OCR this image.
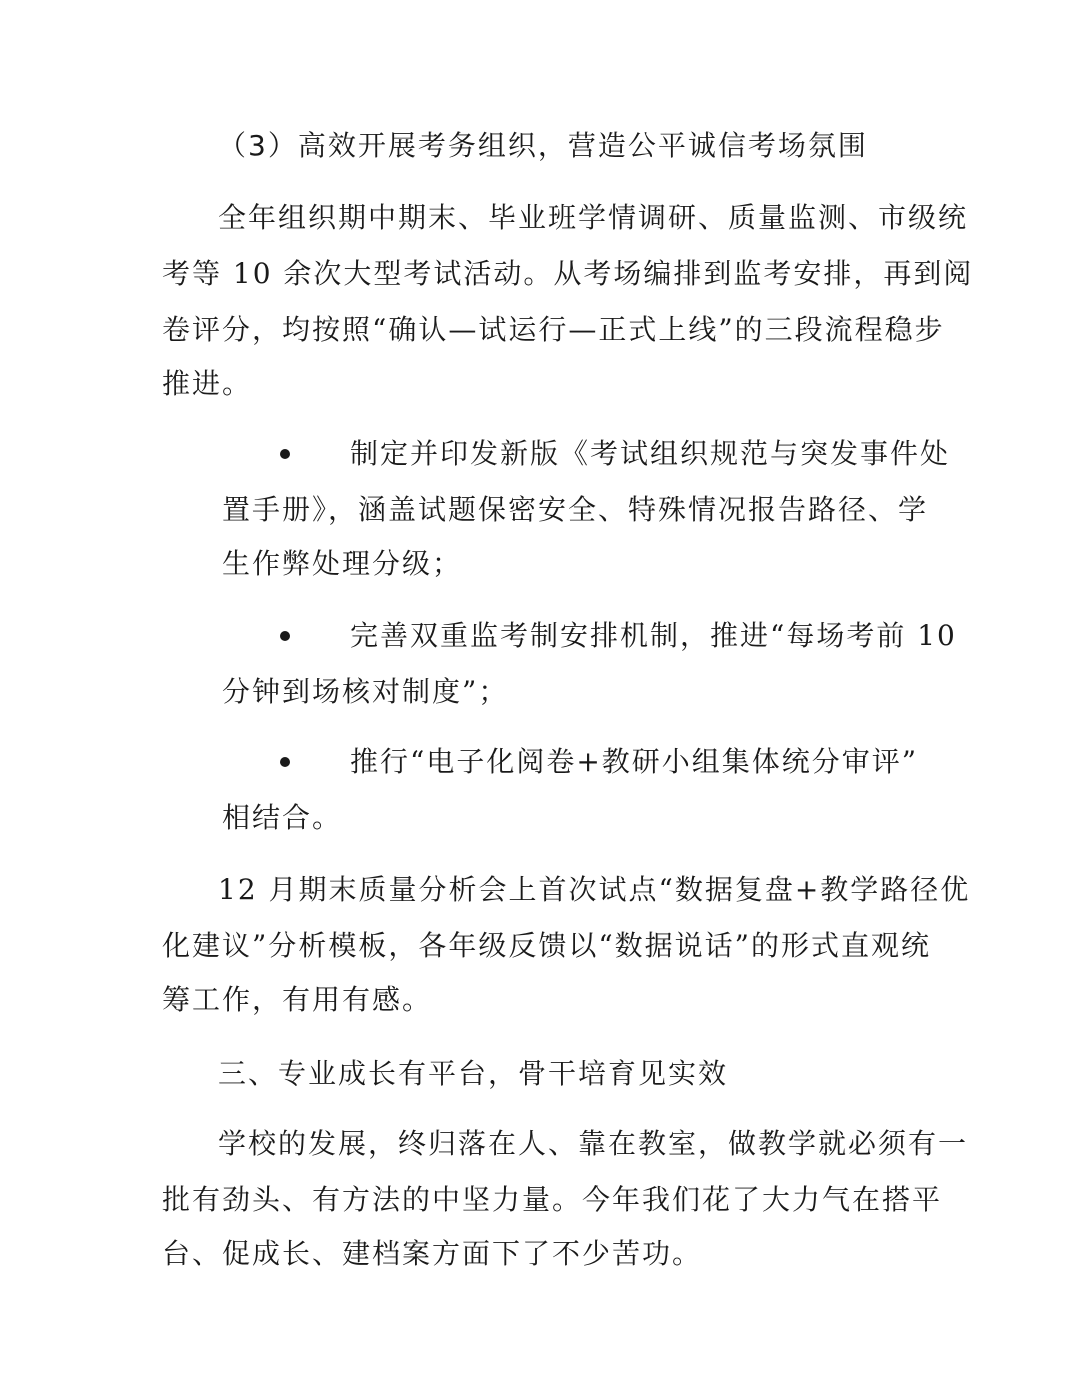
（3）高效开展考务组织，营造公平诚信考场氛围
全年组织期中期末、毕业班学情调研、质量监测、市级统
考等 10 余次大型考试活动。从考场编排到监考安排，再到阅
卷评分，均按照“确认—试运行—正式上线”的三段流程稳步
推进。
制定并印发新版《考试组织规范与突发事件处
置手册》，涵盖试题保密安全、特殊情况报告路径、学
生作弊处理分级；
完善双重监考制安排机制，推进“每场考前 10
分钟到场核对制度”；
推行“电子化阅卷+教研小组集体统分审评”
相结合。
12 月期末质量分析会上首次试点“数据复盘+教学路径优
化建议”分析模板，各年级反馈以“数据说话”的形式直观统
筹工作，有用有感。
三、专业成长有平台，骨干培育见实效
学校的发展，终归落在人、靠在教室，做教学就必须有一
批有劲头、有方法的中坚力量。今年我们花了大力气在搭平
台、促成长、建档案方面下了不少苦功。
